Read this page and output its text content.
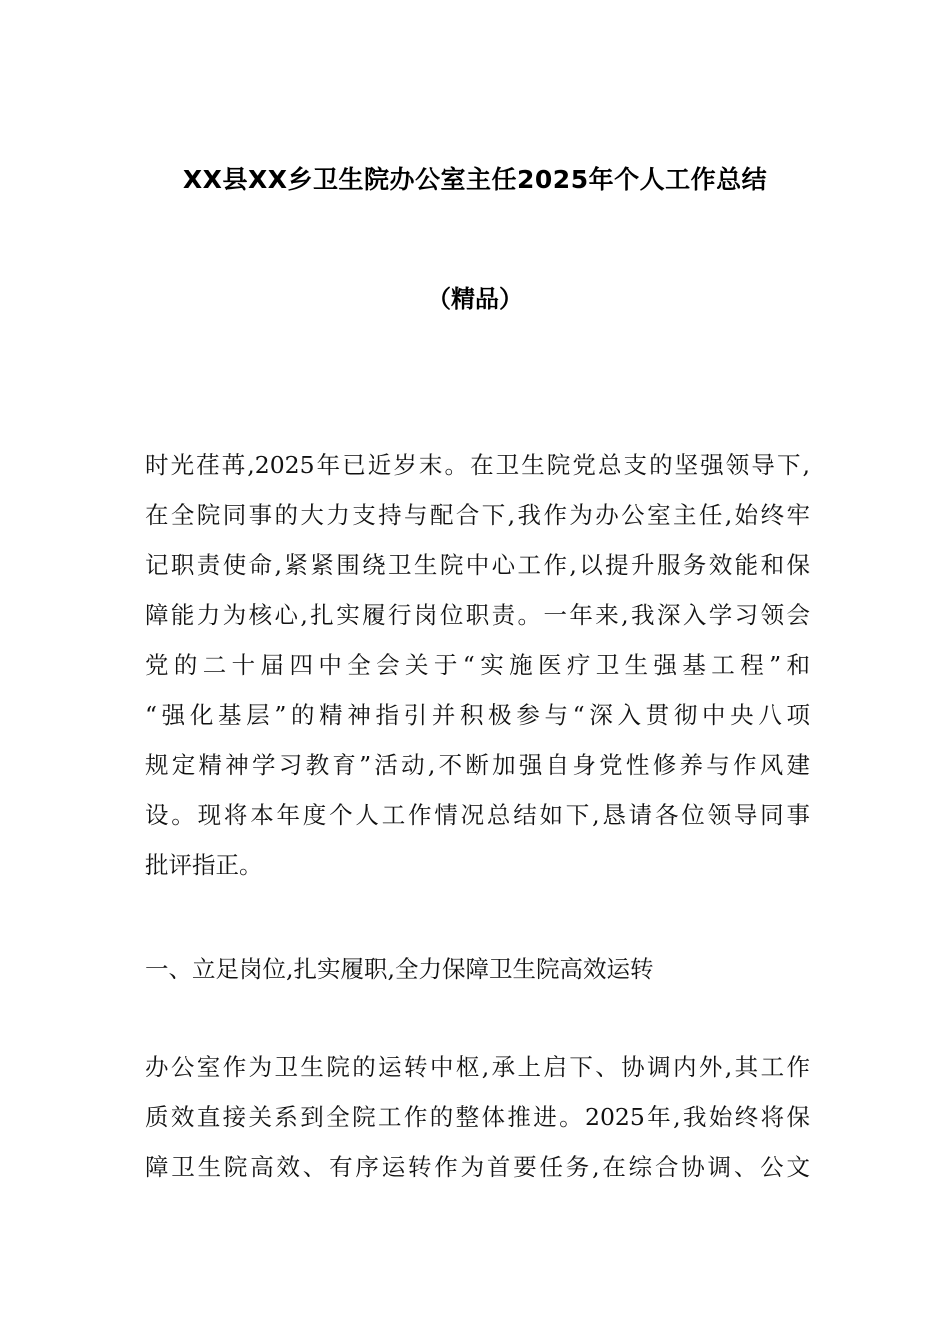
XX县XX乡卫生院办公室主任2025年个人工作总结
（精品）
时光荏苒,2025年已近岁末。在卫生院党总支的坚强领导下,
在全院同事的大力支持与配合下,我作为办公室主任,始终牢
记职责使命,紧紧围绕卫生院中心工作,以提升服务效能和保
障能力为核心,扎实履行岗位职责。一年来,我深入学习领会
党的二十届四中全会关于“实施医疗卫生强基工程”和
“强化基层”的精神指引并积极参与“深入贯彻中央八项
规定精神学习教育”活动,不断加强自身党性修养与作风建
设。现将本年度个人工作情况总结如下,恳请各位领导同事
批评指正。
一、立足岗位,扎实履职,全力保障卫生院高效运转
办公室作为卫生院的运转中枢,承上启下、协调内外,其工作
质效直接关系到全院工作的整体推进。2025年,我始终将保
障卫生院高效、有序运转作为首要任务,在综合协调、公文
